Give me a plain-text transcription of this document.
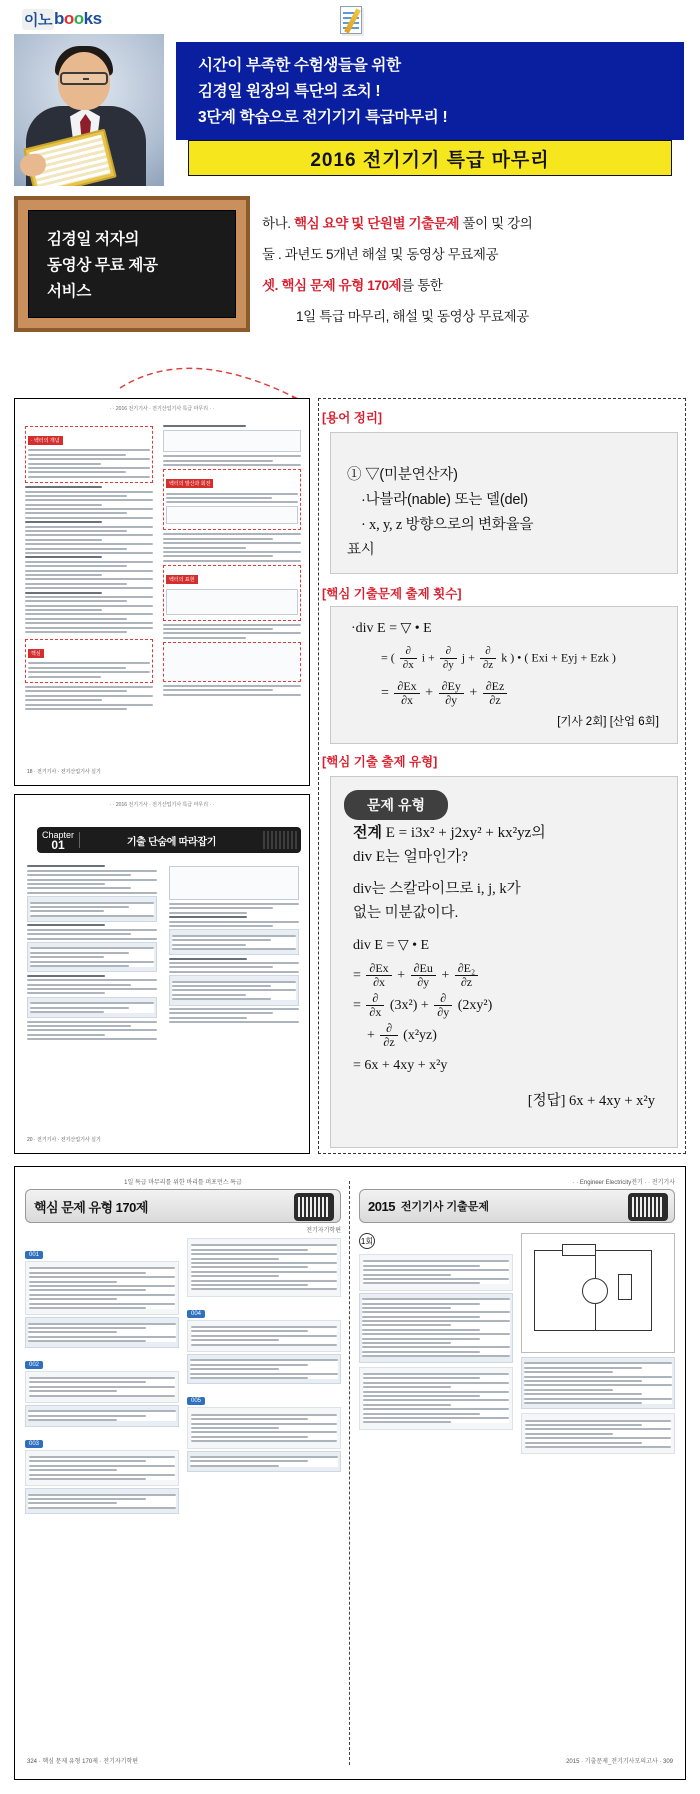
이노 books
시간이 부족한 수험생들을 위한
김경일 원장의 특단의 조치 !
3단계 학습으로 전기기기 특급마무리 !
2016 전기기기 특급 마무리
김경일 저자의
동영상 무료 제공
서비스
하나. 핵심 요약 및 단원별 기출문제 풀이 및 강의
둘 . 과년도 5개년 해설 및 동영상 무료제공
셋. 핵심 문제 유형 170제를 통한
1일 특급 마무리, 해설 및 동영상 무료제공
· · 2016 전기기사 · 전기산업기사 특급 마무리 · ·
· 벡터의 개념
핵심
벡터의 발산과 회전
벡터의 표현
18 · 전기기사 · 전기산업기사 실기
· · 2016 전기기사 · 전기산업기사 특급 마무리 · ·
Chapter
01	기출 단숨에 따라잡기
20 · 전기기사 · 전기산업기사 실기
[용어 정리]
① ▽(미분연산자)
·나블라(nable) 또는 델(del)
· x, y, z 방향으로의 변화율을
표시
[핵심 기출문제 출제 횟수]
·div E = ▽ • E
= ( $\frac{\partial}{\partial x}$ $i + \frac{\partial}{\partial y}$ $j + \frac{\partial}{\partial z}$ k ) • ( Exi + Eyj + Ezk )
= $\frac{\partial Ex}{\partial x} + \frac{\partial Ey}{\partial y} + \frac{\partial Ez}{\partial z}$
[기사 2회] [산업 6회]
[핵심 기출 출제 유형]
전계 E = i3x² + j2xy² + kx²yz의
div E는 얼마인가?
div는 스칼라이므로 i, j, k가
없는 미분값이다.
div E = ▽ • E
= $\frac{\partial Ex}{\partial x} + \frac{\partial Eu}{\partial y} + \frac{\text{∂E₂}}{\partial z}$
= $\frac{\partial}{\partial x} (3x^2) + \frac{\partial}{\partial y} (2xy^2)$
+ $\frac{\partial}{\partial z} (x^2yz)$
= 6x + 4xy + x²y
[정답] 6x + 4xy + x²y
문제 유형
1일 특급 마무리를 위한 바리틀 퍼포먼스 특급
핵심 문제 유형 170제
전기자기학편
001
002
003
004
005
324 · 핵심 문제 유형 170제 · 전기자기학편
· · Engineer Electricity전기 · · 전기기사
2015 전기기사 기출문제
1회
2015 · 기출문제_전기기사모의고사 · 309
